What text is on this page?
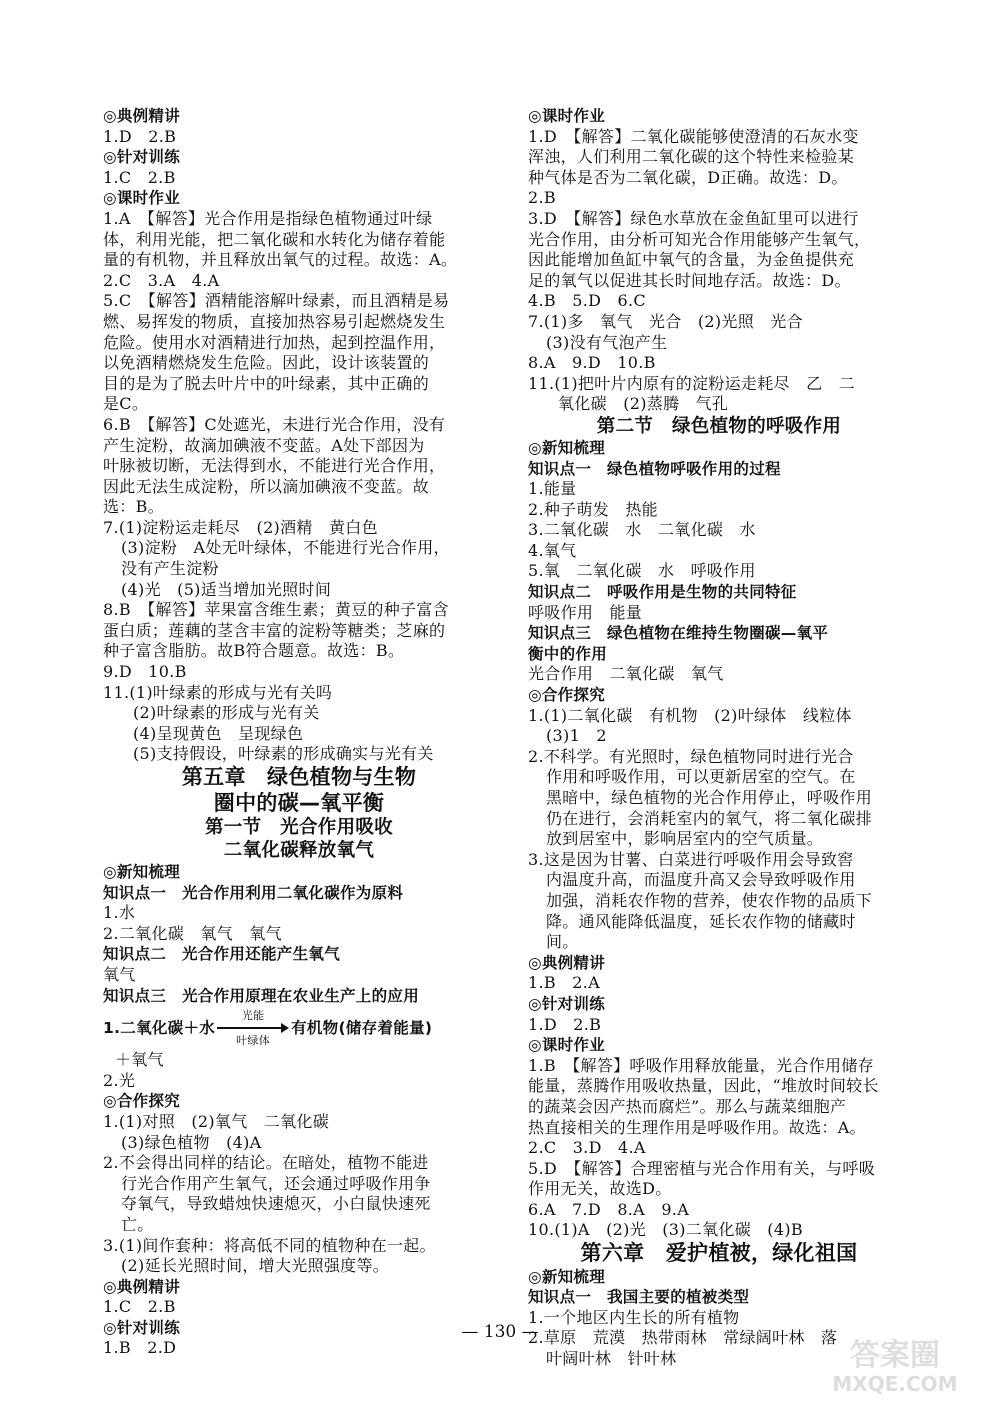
◎典例精讲
1.D　2.B
◎针对训练
1.C　2.B
◎课时作业
1.A　【解答】光合作用是指绿色植物通过叶绿
体，利用光能，把二氧化碳和水转化为储存着能
量的有机物，并且释放出氧气的过程。故选：A。
2.C　3.A　4.A
5.C　【解答】酒精能溶解叶绿素，而且酒精是易
燃、易挥发的物质，直接加热容易引起燃烧发生
危险。使用水对酒精进行加热，起到控温作用，
以免酒精燃烧发生危险。因此，设计该装置的
目的是为了脱去叶片中的叶绿素，其中正确的
是C。
6.B　【解答】C处遮光，未进行光合作用，没有
产生淀粉，故滴加碘液不变蓝。A处下部因为
叶脉被切断，无法得到水，不能进行光合作用，
因此无法生成淀粉，所以滴加碘液不变蓝。故
选：B。
7.(1)淀粉运走耗尽　(2)酒精　黄白色
(3)淀粉　A处无叶绿体，不能进行光合作用，
没有产生淀粉
(4)光　(5)适当增加光照时间
8.B　【解答】苹果富含维生素；黄豆的种子富含
蛋白质；莲藕的茎含丰富的淀粉等糖类；芝麻的
种子富含脂肪。故B符合题意。故选：B。
9.D　10.B
11.(1)叶绿素的形成与光有关吗
(2)叶绿素的形成与光有关
(4)呈现黄色　呈现绿色
(5)支持假设，叶绿素的形成确实与光有关
第五章　绿色植物与生物
圈中的碳—氧平衡
第一节　光合作用吸收
二氧化碳释放氧气
◎新知梳理
知识点一　光合作用利用二氧化碳作为原料
1.水
2.二氧化碳　氧气　氧气
知识点二　光合作用还能产生氧气
氧气
知识点三　光合作用原理在农业生产上的应用
1.二氧化碳＋水
光能
叶绿体
有机物(储存着能量)
＋氧气
2.光
◎合作探究
1.(1)对照　(2)氧气　二氧化碳
(3)绿色植物　(4)A
2.不会得出同样的结论。在暗处，植物不能进
行光合作用产生氧气，还会通过呼吸作用争
夺氧气，导致蜡烛快速熄灭，小白鼠快速死
亡。
3.(1)间作套种：将高低不同的植物种在一起。
(2)延长光照时间，增大光照强度等。
◎典例精讲
1.C　2.B
◎针对训练
1.B　2.D
◎课时作业
1.D　【解答】二氧化碳能够使澄清的石灰水变
浑浊，人们利用二氧化碳的这个特性来检验某
种气体是否为二氧化碳，D正确。故选：D。
2.B
3.D　【解答】绿色水草放在金鱼缸里可以进行
光合作用，由分析可知光合作用能够产生氧气，
因此能增加鱼缸中氧气的含量，为金鱼提供充
足的氧气以促进其长时间地存活。故选：D。
4.B　5.D　6.C
7.(1)多　氧气　光合　(2)光照　光合
(3)没有气泡产生
8.A　9.D　10.B
11.(1)把叶片内原有的淀粉运走耗尽　乙　二
氧化碳　(2)蒸腾　气孔
第二节　绿色植物的呼吸作用
◎新知梳理
知识点一　绿色植物呼吸作用的过程
1.能量
2.种子萌发　热能
3.二氧化碳　水　二氧化碳　水
4.氧气
5.氧　二氧化碳　水　呼吸作用
知识点二　呼吸作用是生物的共同特征
呼吸作用　能量
知识点三　绿色植物在维持生物圈碳—氧平
衡中的作用
光合作用　二氧化碳　氧气
◎合作探究
1.(1)二氧化碳　有机物　(2)叶绿体　线粒体
(3)1　2
2.不科学。有光照时，绿色植物同时进行光合
作用和呼吸作用，可以更新居室的空气。在
黑暗中，绿色植物的光合作用停止，呼吸作用
仍在进行，会消耗室内的氧气，将二氧化碳排
放到居室中，影响居室内的空气质量。
3.这是因为甘薯、白菜进行呼吸作用会导致窖
内温度升高，而温度升高又会导致呼吸作用
加强，消耗农作物的营养，使农作物的品质下
降。通风能降低温度，延长农作物的储藏时
间。
◎典例精讲
1.B　2.A
◎针对训练
1.D　2.B
◎课时作业
1.B　【解答】呼吸作用释放能量，光合作用储存
能量，蒸腾作用吸收热量，因此，“堆放时间较长
的蔬菜会因产热而腐烂”。那么与蔬菜细胞产
热直接相关的生理作用是呼吸作用。故选：A。
2.C　3.D　4.A
5.D　【解答】合理密植与光合作用有关，与呼吸
作用无关，故选D。
6.A　7.D　8.A　9.A
10.(1)A　(2)光　(3)二氧化碳　(4)B
第六章　爱护植被，绿化祖国
◎新知梳理
知识点一　我国主要的植被类型
1.一个地区内生长的所有植物
2.草原　荒漠　热带雨林　常绿阔叶林　落
叶阔叶林　针叶林
— 130 —
答案圈
MXQE.COM
